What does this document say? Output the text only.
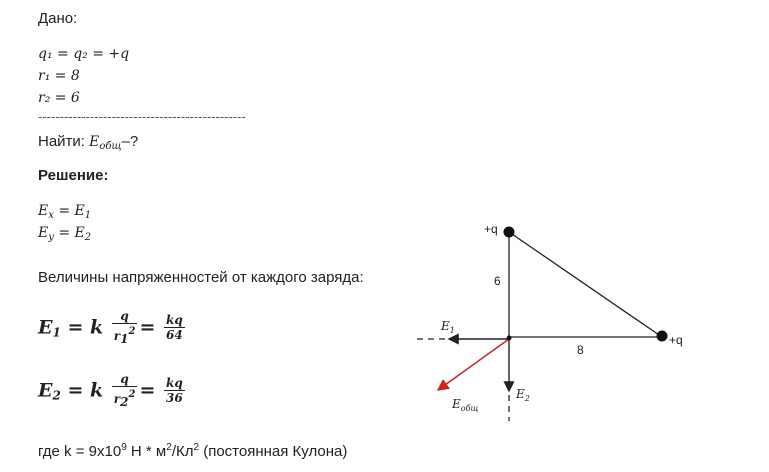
Дано:
q₁ = q₂ = +q
r₁ = 8
r₂ = 6
------------------------------------------------
Найти: $E_{общ}-$?
Решение:
$E_x = E_1$
$E_y = E_2$
Величины напряженностей от каждого заряда:
$E_1 = k \frac{q}{r_1^2} = \frac{kq}{64}$
$E_2 = k \frac{q}{r_2^2} = \frac{kq}{36}$
где $k = 9x10^9$ Н * $м^2/Кл^2$ (постоянная Кулона)
+q
+q
6
8
$E_1$
$E_2$
$E_{общ}$
